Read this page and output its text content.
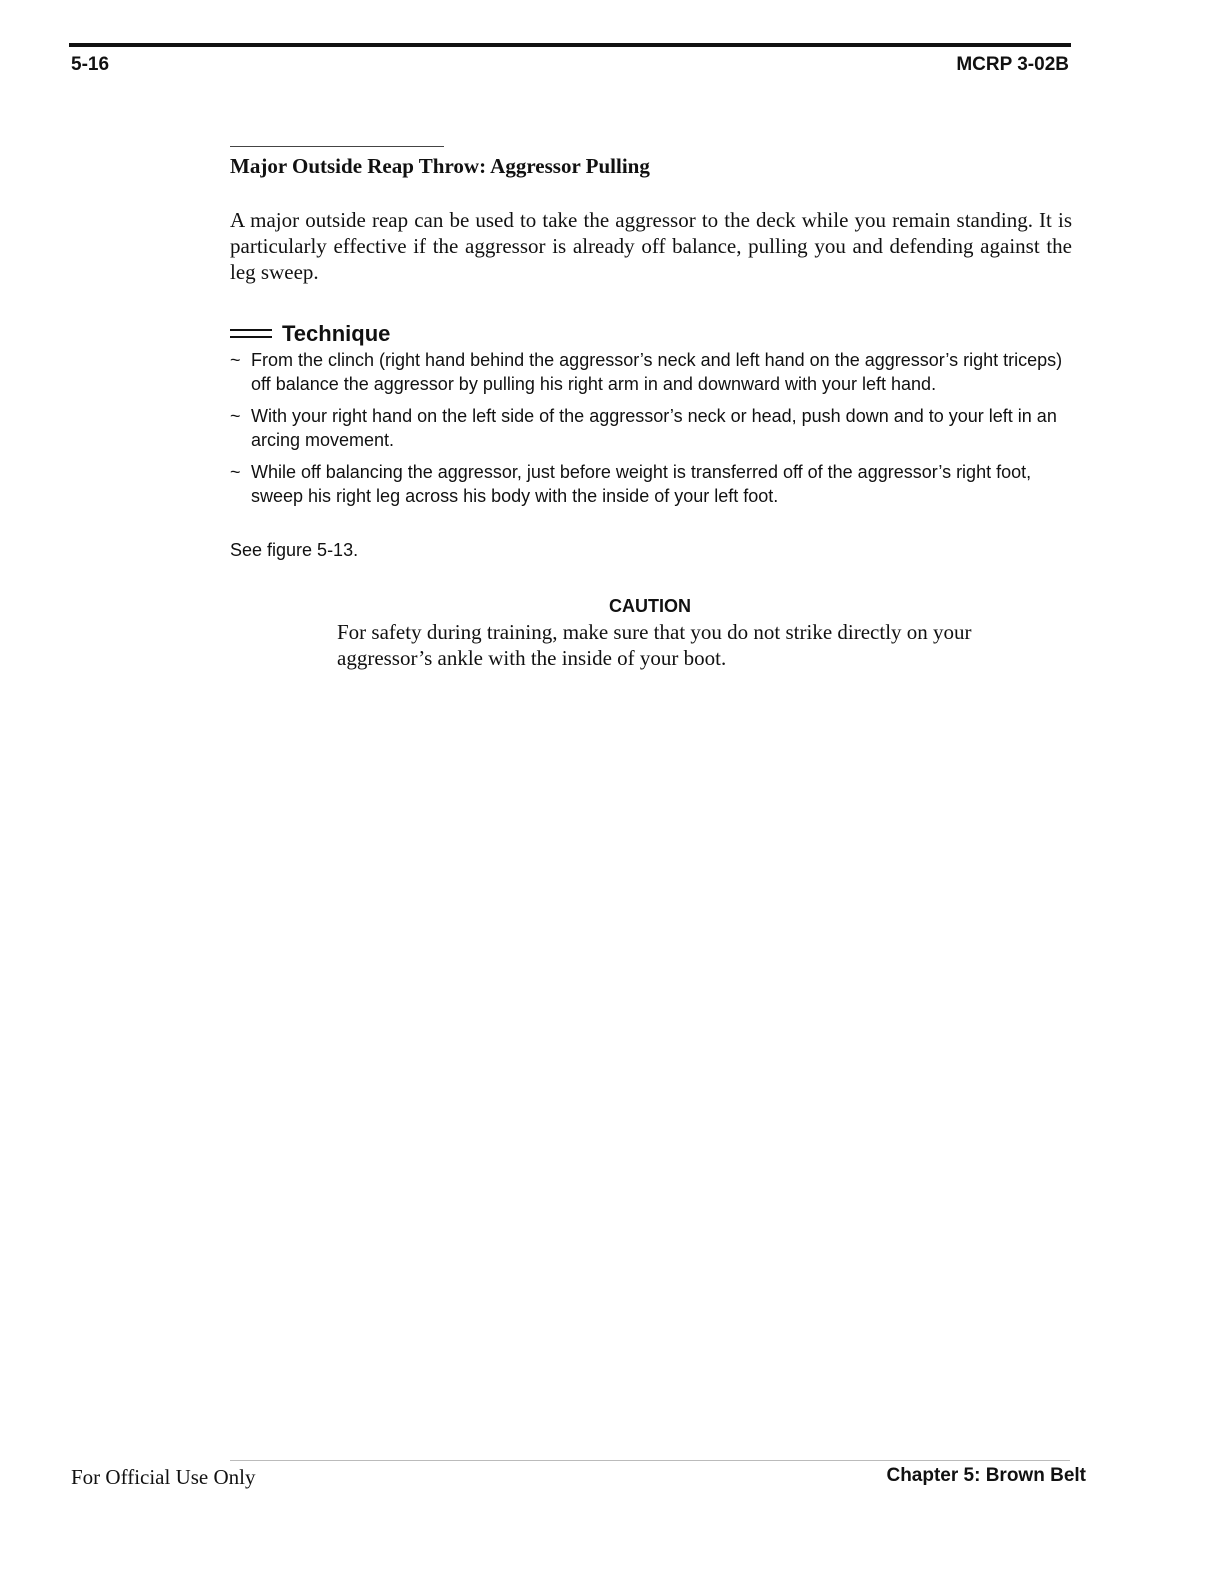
5-16	MCRP 3-02B
Major Outside Reap Throw: Aggressor Pulling

A major outside reap can be used to take the aggressor to the deck while you remain standing. It is particularly effective if the aggressor is already off balance, pulling you and defending against the leg sweep.

Technique
~ From the clinch (right hand behind the aggressor’s neck and left hand on the aggressor’s right triceps) off balance the aggressor by pulling his right arm in and downward with your left hand.
~ With your right hand on the left side of the aggressor’s neck or head, push down and to your left in an arcing movement.
~ While off balancing the aggressor, just before weight is transferred off of the aggressor’s right foot, sweep his right leg across his body with the inside of your left foot.

See figure 5-13.

CAUTION

For safety during training, make sure that you do not strike directly on your aggressor’s ankle with the inside of your boot.

For Official Use Only	Chapter 5: Brown Belt
